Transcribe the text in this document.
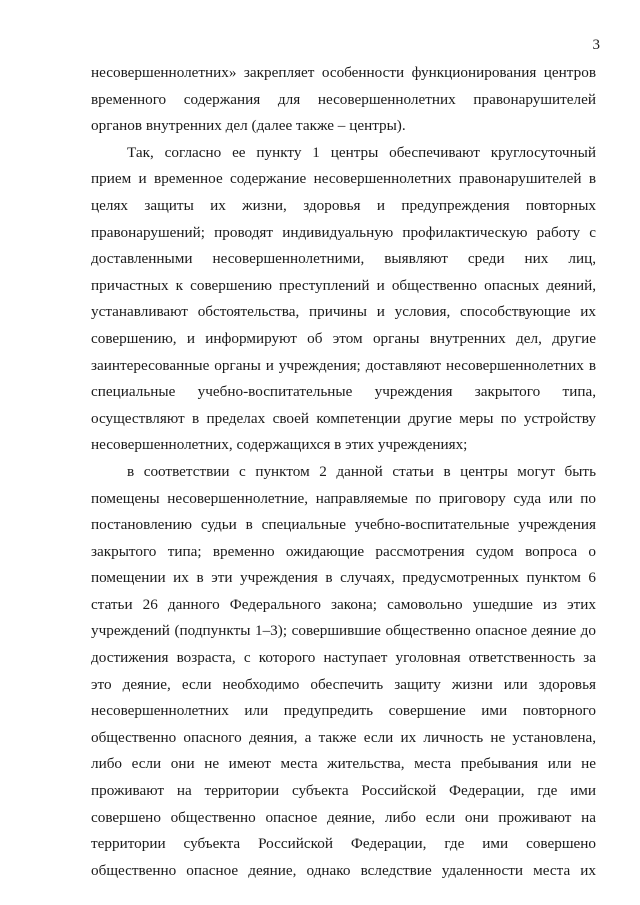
3
несовершеннолетних» закрепляет особенности функционирования центров
временного содержания для несовершеннолетних правонарушителей
органов внутренних дел (далее также – центры).
Так, согласно ее пункту 1 центры обеспечивают круглосуточный
прием и временное содержание несовершеннолетних правонарушителей в
целях защиты их жизни, здоровья и предупреждения повторных
правонарушений; проводят индивидуальную профилактическую работу с
доставленными несовершеннолетними, выявляют среди них лиц,
причастных к совершению преступлений и общественно опасных деяний,
устанавливают обстоятельства, причины и условия, способствующие их
совершению, и информируют об этом органы внутренних дел, другие
заинтересованные органы и учреждения; доставляют несовершеннолетних в
специальные учебно-воспитательные учреждения закрытого типа,
осуществляют в пределах своей компетенции другие меры по устройству
несовершеннолетних, содержащихся в этих учреждениях;
в соответствии с пунктом 2 данной статьи в центры могут быть
помещены несовершеннолетние, направляемые по приговору суда или по
постановлению судьи в специальные учебно-воспитательные учреждения
закрытого типа; временно ожидающие рассмотрения судом вопроса о
помещении их в эти учреждения в случаях, предусмотренных пунктом 6
статьи 26 данного Федерального закона; самовольно ушедшие из этих
учреждений (подпункты 1–3); совершившие общественно опасное деяние до
достижения возраста, с которого наступает уголовная ответственность за
это деяние, если необходимо обеспечить защиту жизни или здоровья
несовершеннолетних или предупредить совершение ими повторного
общественно опасного деяния, а также если их личность не установлена,
либо если они не имеют места жительства, места пребывания или не
проживают на территории субъекта Российской Федерации, где ими
совершено общественно опасное деяние, либо если они проживают на
территории субъекта Российской Федерации, где ими совершено
общественно опасное деяние, однако вследствие удаленности места их
